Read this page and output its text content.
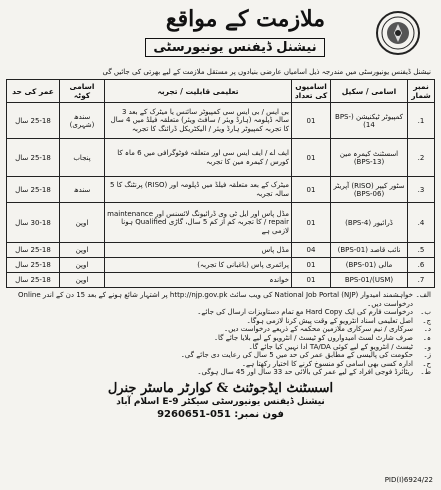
ملازمت کے مواقع
نیشنل ڈیفنس یونیورسٹی
نیشنل ڈیفنس یونیورسٹی میں مندرجہ ذیل اسامیاں عارضی بنیادوں پر مستقل ملازمت کے لیے بھرتی کی جائیں گی
نمبر شمار	اسامی / سکیل	اسامیوں کی تعداد	تعلیمی قابلیت / تجربہ	اسامی کوٹہ	عمر کی حد
1.	کمپیوٹر ٹیکنیشن (BPS-14)	01	بی ایس / بی ایس سی کمپیوٹر سائنس یا میٹرک کے بعد 3 سالہ ڈپلومہ (ہارڈ ویئر / سافٹ ویئر) متعلقہ فیلڈ میں 4 سال کا تجربہ کمپیوٹر ہارڈ ویئر / الیکٹریکل ڈرائنگ کا تجربہ	سندھ (شہری)	25-18 سال
2.	اسسٹنٹ کیمرہ مین (BPS-13)	01	ایف اے / ایف ایس سی اور متعلقہ فوٹوگرافی میں 6 ماہ کا کورس / کیمرہ مین کا تجربہ	پنجاب	25-18 سال
3.	سٹور کیپر (RISO) آپریٹر (BPS-06)	01	میٹرک کے بعد متعلقہ فیلڈ میں ڈپلومہ اور (RISO) پرنٹنگ کا 5 سالہ تجربہ	سندھ	25-18 سال
4.	ڈرائیور (BPS-4)	01	مڈل پاس اور ایل ٹی وی ڈرائیونگ لائسنس اور maintenance / repair کا تجربہ کم از کم 5 سال، گاڑی Qualified ہونا لازمی ہے	اوپن	30-18 سال
5.	نائب قاصد (BPS-01)	04	مڈل پاس	اوپن	25-18 سال
6.	مالی (BPS-01)	01	پرائمری پاس (باغبانی کا تجربہ)	اوپن	25-18 سال
7.	BPS-01/(USM)	01	خواندہ	اوپن	25-18 سال
الف۔
خواہشمند امیدوار National Job Portal (NJP) کی ویب سائٹ http://njp.gov.pk پر اشتہار شائع ہونے کے بعد 15 دن کے اندر Online درخواست دیں۔
ب۔
درخواست فارم کی ایک Hard Copy مع تمام دستاویزات ارسال کی جائے۔
ج۔
اصل تعلیمی اسناد انٹرویو کے وقت پیش کرنا لازمی ہوگا۔
د۔
سرکاری / نیم سرکاری ملازمین محکمہ کے ذریعے درخواست دیں۔
ہ۔
صرف شارٹ لسٹ امیدواروں کو ٹیسٹ / انٹرویو کے لیے بلایا جائے گا۔
و۔
ٹیسٹ / انٹرویو کے لیے کوئی TA/DA ادا نہیں کیا جائے گا۔
ز۔
حکومت کی پالیسی کے مطابق عمر کی حد میں 5 سال کی رعایت دی جائے گی۔
ح۔
ادارہ کسی بھی اسامی کو منسوخ کرنے کا اختیار رکھتا ہے۔
ط۔
ریٹائرڈ فوجی افراد کے لیے عمر کی بالائی حد 33 سال اور 45 سال ہوگی۔
اسسٹنٹ ایڈجوٹنٹ & کوارٹر ماسٹر جنرل
نیشنل ڈیفنس یونیورسٹی سیکٹر E-9 اسلام آباد
فون نمبر: 051-9260651
PID(I)6924/22
